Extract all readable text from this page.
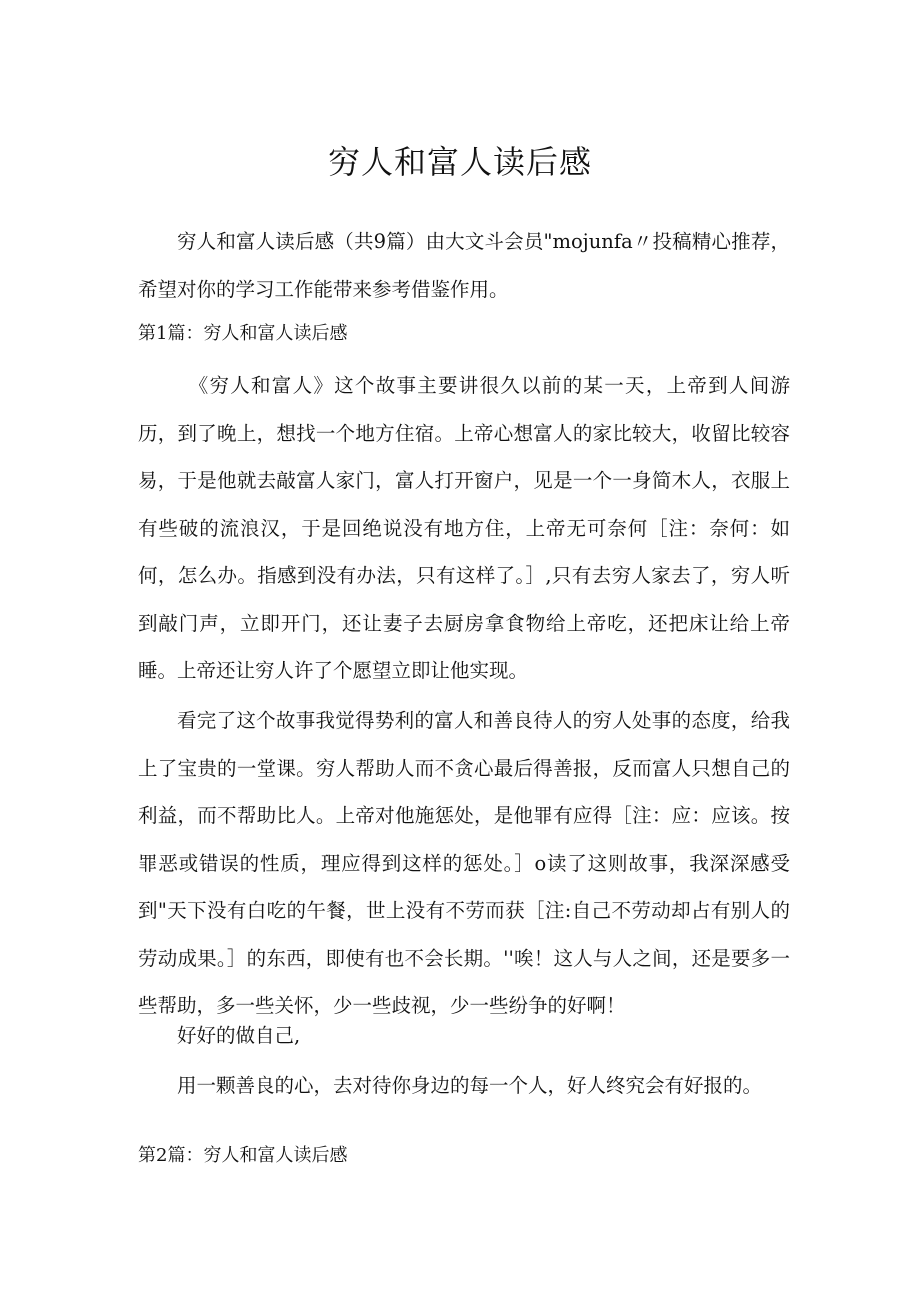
穷人和富人读后感

穷人和富人读后感（共9篇）由大文斗会员"mojunfa〃投稿精心推荐，希望对你的学习工作能带来参考借鉴作用。

第1篇：穷人和富人读后感

《穷人和富人》这个故事主要讲很久以前的某一天，上帝到人间游历，到了晚上，想找一个地方住宿。上帝心想富人的家比较大，收留比较容易，于是他就去敲富人家门，富人打开窗户，见是一个一身简木人，衣服上有些破的流浪汉，于是回绝说没有地方住，上帝无可奈何［注：奈何：如何，怎么办。指感到没有办法，只有这样了。］,只有去穷人家去了，穷人听到敲门声，立即开门，还让妻子去厨房拿食物给上帝吃，还把床让给上帝睡。上帝还让穷人许了个愿望立即让他实现。

看完了这个故事我觉得势利的富人和善良待人的穷人处事的态度，给我上了宝贵的一堂课。穷人帮助人而不贪心最后得善报，反而富人只想自己的利益，而不帮助比人。上帝对他施惩处，是他罪有应得［注：应：应该。按罪恶或错误的性质，理应得到这样的惩处。］o读了这则故事，我深深感受到"天下没有白吃的午餐，世上没有不劳而获［注:自己不劳动却占有别人的劳动成果。］的东西，即使有也不会长期。''唉！这人与人之间，还是要多一些帮助，多一些关怀，少一些歧视，少一些纷争的好啊！

好好的做自己,

用一颗善良的心，去对待你身边的每一个人，好人终究会有好报的。

第2篇：穷人和富人读后感
